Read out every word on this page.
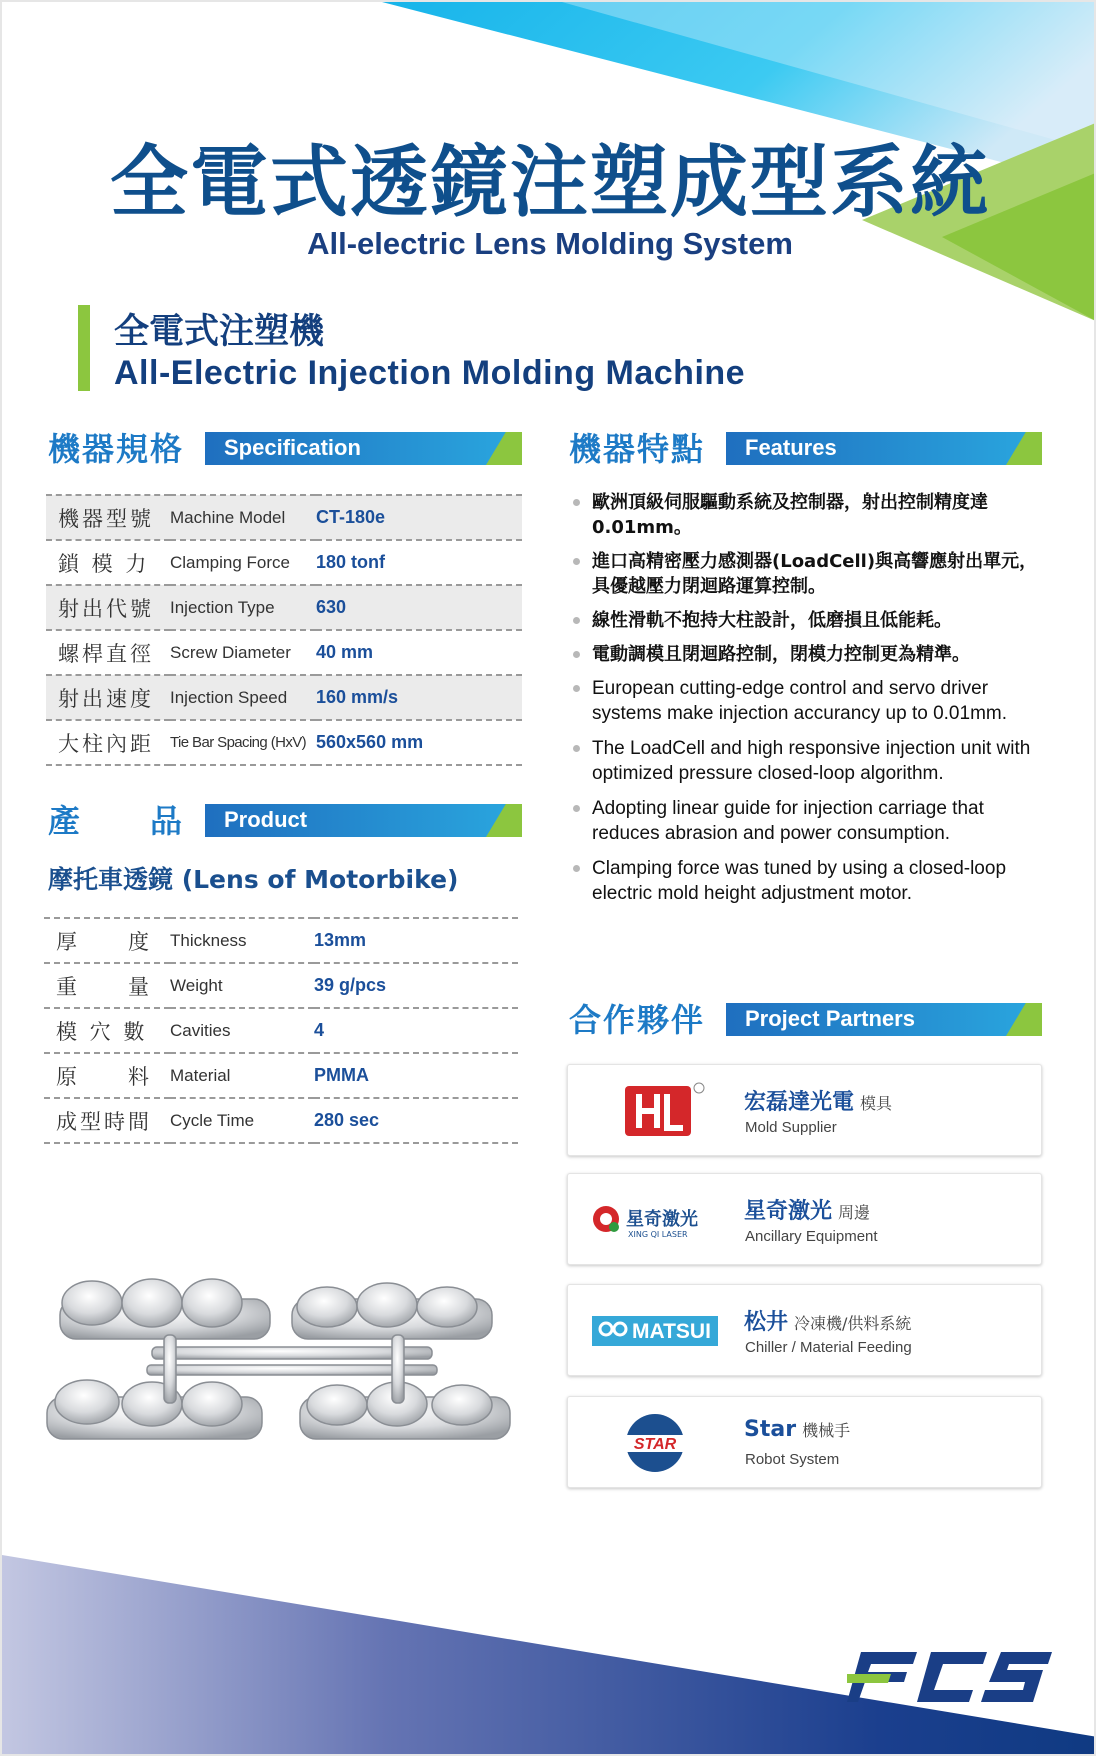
全電式透鏡注塑成型系統
All-electric Lens Molding System
全電式注塑機
All-Electric Injection Molding Machine
機器規格 Specification
機器型號	Machine Model	CT-180e
鎖 模 力	Clamping Force	180 tonf
射出代號	Injection Type	630
螺桿直徑	Screw Diameter	40 mm
射出速度	Injection Speed	160 mm/s
大柱內距	Tie Bar Spacing (HxV)	560x560 mm
產　　品 Product
摩托車透鏡 (Lens of Motorbike)
厚　　度	Thickness	13mm
重　　量	Weight	39 g/pcs
模 穴 數	Cavities	4
原　　料	Material	PMMA
成型時間	Cycle Time	280 sec
機器特點 Features
歐洲頂級伺服驅動系統及控制器，射出控制精度達0.01mm。
進口高精密壓力感測器(LoadCell)與高響應射出單元，具優越壓力閉迴路運算控制。
線性滑軌不抱持大柱設計，低磨損且低能耗。
電動調模且閉迴路控制，閉模力控制更為精準。
European cutting-edge control and servo driver systems make injection accurancy up to 0.01mm.
The LoadCell and high responsive injection unit with optimized pressure closed-loop algorithm.
Adopting linear guide for injection carriage that reduces abrasion and power consumption.
Clamping force was tuned by using a closed-loop electric mold height adjustment motor.
合作夥伴 Project Partners
宏磊達光電 模具
Mold Supplier
星奇激光
XING QI LASER
星奇激光 周邊
Ancillary Equipment
MATSUI 松井 冷凍機/供料系統
Chiller / Material Feeding
STAR
Star 機械手
Robot System
